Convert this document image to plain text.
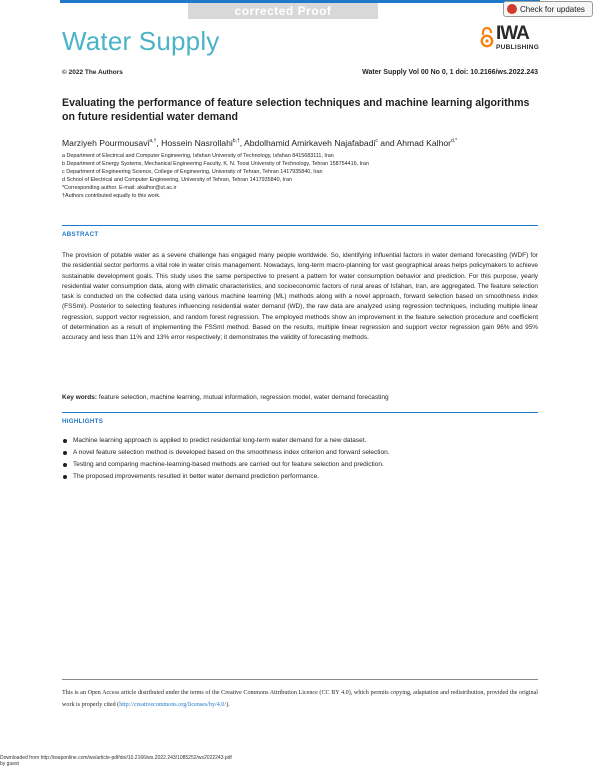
corrected Proof	Check for updates
Water Supply	IWA
PUBLISHING
© 2022 The Authors	Water Supply Vol 00 No 0, 1 doi: 10.2166/ws.2022.243
Evaluating the performance of feature selection techniques and machine learning algorithms on future residential water demand
Marziyeh Pourmousavi$^{a,\dagger}$, Hossein Nasrollahi$^{b,\dagger}$, Abdolhamid Amirkaveh Najafabadi$^c$ and Ahmad Kalhor$^{d,*}$
a Department of Electrical and Computer Engineering, Isfahan University of Technology, Isfahan 8415683111, Iran
b Department of Energy Systems, Mechanical Engineering Faculty, K. N. Toosi University of Technology, Tehran 158754416, Iran
c Department of Engineering Science, College of Engineering, University of Tehran, Tehran 1417935840, Iran
d School of Electrical and Computer Engineering, University of Tehran, Tehran 1417935840, Iran
*Corresponding author. E-mail: akalhor@ut.ac.ir
†Authors contributed equally to this work.
ABSTRACT
The provision of potable water as a severe challenge has engaged many people worldwide. So, identifying influential factors in water demand forecasting (WDF) for the residential sector performs a vital role in water crisis management. Nowadays, long-term macro-planning for vast geographical areas helps policymakers to achieve sustainable development goals. This study uses the same perspective to present a pattern for water consumption behavior and prediction. For this purpose, yearly residential water consumption data, along with climatic characteristics, and socioeconomic factors of rural areas of Isfahan, Iran, are aggregated. The feature selection task is conducted on the collected data using various machine learning (ML) methods along with a novel approach, forward selection based on smoothness index (FSSmI). Posterior to selecting features influencing residential water demand (WD), the raw data are analyzed using regression techniques, including multiple linear regression, support vector regression, and random forest regression. The employed methods show an improvement in the feature selection procedure and coefficient of determination as a result of implementing the FSSmI method. Based on the results, multiple linear regression and support vector regression gain 96% and 95% accuracy and less than 11% and 13% error respectively; it demonstrates the validity of forecasting methods.
Key words: feature selection, machine learning, mutual information, regression model, water demand forecasting
HIGHLIGHTS
Machine learning approach is applied to predict residential long-term water demand for a new dataset.
A novel feature selection method is developed based on the smoothness index criterion and forward selection.
Testing and comparing machine-learning-based methods are carried out for feature selection and prediction.
The proposed improvements resulted in better water demand prediction performance.
This is an Open Access article distributed under the terms of the Creative Commons Attribution Licence (CC BY 4.0), which permits copying, adaptation and redistribution, provided the original work is properly cited (http://creativecommons.org/licenses/by/4.0/).
Downloaded from http://iwaponline.com/ws/article-pdf/doi/10.2166/ws.2022.243/1085252/ws2022243.pdf
by guest
